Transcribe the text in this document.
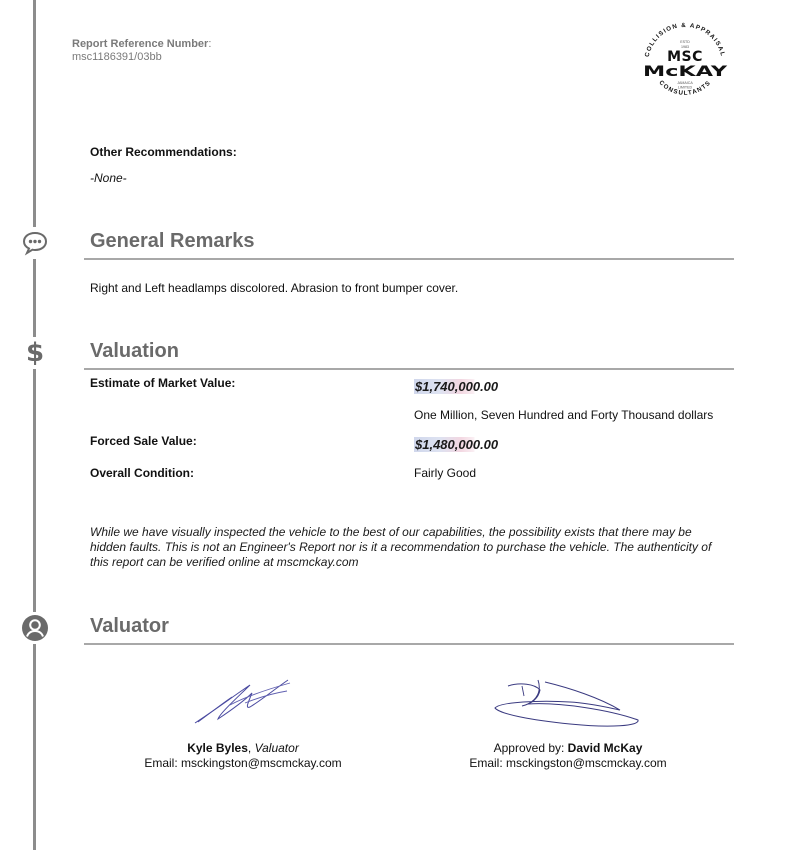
Report Reference Number:
msc1186391/03bb	COLLISION & APPRAISAL
ESTD
1983
MSC
McKAY
JAMAICA
LIMITED
CONSULTANTS
Other Recommendations:
-None-
General Remarks
Right and Left headlamps discolored. Abrasion to front bumper cover.
$ Valuation
Estimate of Market Value:	$1,740,000.00
One Million, Seven Hundred and Forty Thousand dollars
Forced Sale Value:	$1,480,000.00
Overall Condition:	Fairly Good
While we have visually inspected the vehicle to the best of our capabilities, the possibility exists that there may be hidden faults. This is not an Engineer's Report nor is it a recommendation to purchase the vehicle. The authenticity of this report can be verified online at mscmckay.com
Valuator
Kyle Byles, Valuator
Email: msckingston@mscmckay.com
Approved by: David McKay
Email: msckingston@mscmckay.com
